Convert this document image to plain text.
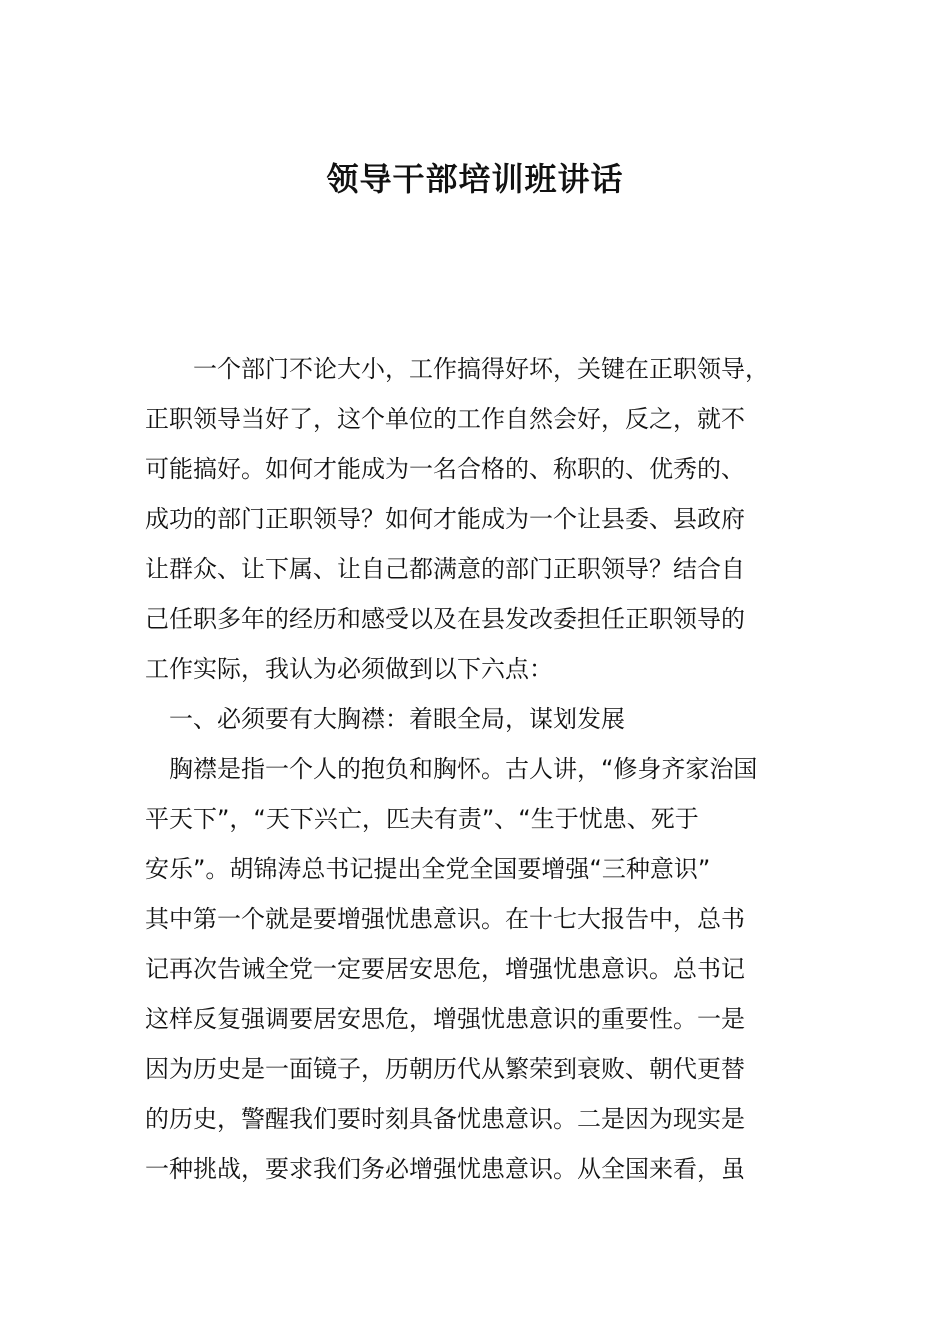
领导干部培训班讲话

　　一个部门不论大小，工作搞得好坏，关键在正职领导，

正职领导当好了，这个单位的工作自然会好，反之，就不

可能搞好。如何才能成为一名合格的、称职的、优秀的、

成功的部门正职领导？如何才能成为一个让县委、县政府

让群众、让下属、让自己都满意的部门正职领导？结合自

己任职多年的经历和感受以及在县发改委担任正职领导的

工作实际，我认为必须做到以下六点：

　一、必须要有大胸襟：着眼全局，谋划发展

　胸襟是指一个人的抱负和胸怀。古人讲，“修身齐家治国

平天下”，“天下兴亡，匹夫有责”、“生于忧患、死于

安乐”。胡锦涛总书记提出全党全国要增强“三种意识”

其中第一个就是要增强忧患意识。在十七大报告中，总书

记再次告诫全党一定要居安思危，增强忧患意识。总书记

这样反复强调要居安思危，增强忧患意识的重要性。一是

因为历史是一面镜子，历朝历代从繁荣到衰败、朝代更替

的历史，警醒我们要时刻具备忧患意识。二是因为现实是

一种挑战，要求我们务必增强忧患意识。从全国来看，虽
